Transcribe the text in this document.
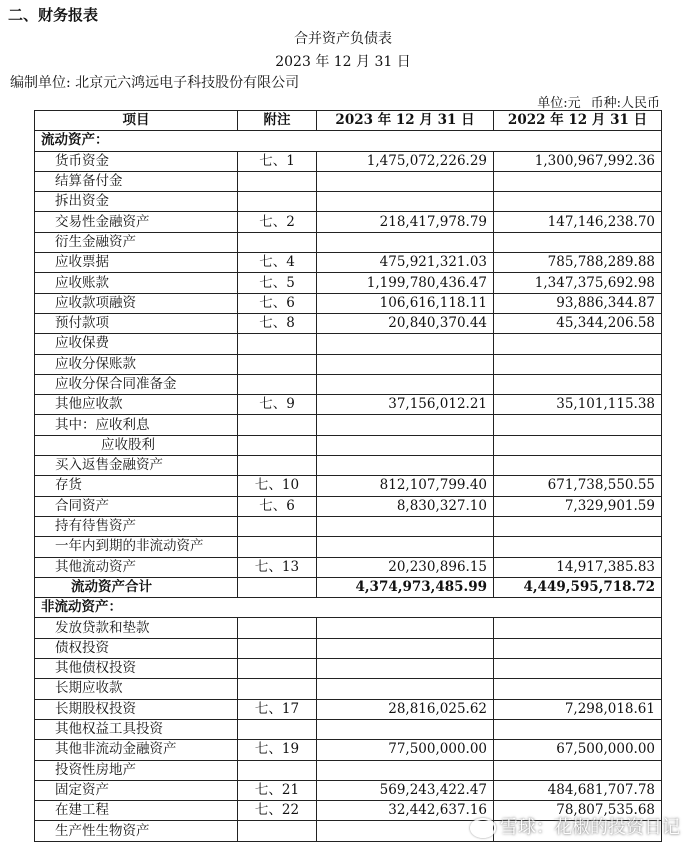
二、财务报表
合并资产负债表
2023 年 12 月 31 日
编制单位: 北京元六鸿远电子科技股份有限公司
单位:元 币种:人民币
项目	附注	2023 年 12 月 31 日	2022 年 12 月 31 日
流动资产：			
货币资金	七、1	1,475,072,226.29	1,300,967,992.36
结算备付金			
拆出资金			
交易性金融资产	七、2	218,417,978.79	147,146,238.70
衍生金融资产			
应收票据	七、4	475,921,321.03	785,788,289.88
应收账款	七、5	1,199,780,436.47	1,347,375,692.98
应收款项融资	七、6	106,616,118.11	93,886,344.87
预付款项	七、8	20,840,370.44	45,344,206.58
应收保费			
应收分保账款			
应收分保合同准备金			
其他应收款	七、9	37,156,012.21	35,101,115.38
其中：应收利息			
应收股利			
买入返售金融资产			
存货	七、10	812,107,799.40	671,738,550.55
合同资产	七、6	8,830,327.10	7,329,901.59
持有待售资产			
一年内到期的非流动资产			
其他流动资产	七、13	20,230,896.15	14,917,385.83
流动资产合计		4,374,973,485.99	4,449,595,718.72
非流动资产：			
发放贷款和垫款			
债权投资			
其他债权投资			
长期应收款			
长期股权投资	七、17	28,816,025.62	7,298,018.61
其他权益工具投资			
其他非流动金融资产	七、19	77,500,000.00	67,500,000.00
投资性房地产			
固定资产	七、21	569,243,422.47	484,681,707.78
在建工程	七、22	32,442,637.16	78,807,535.68
生产性生物资产				雪球：花椒的投资日记
